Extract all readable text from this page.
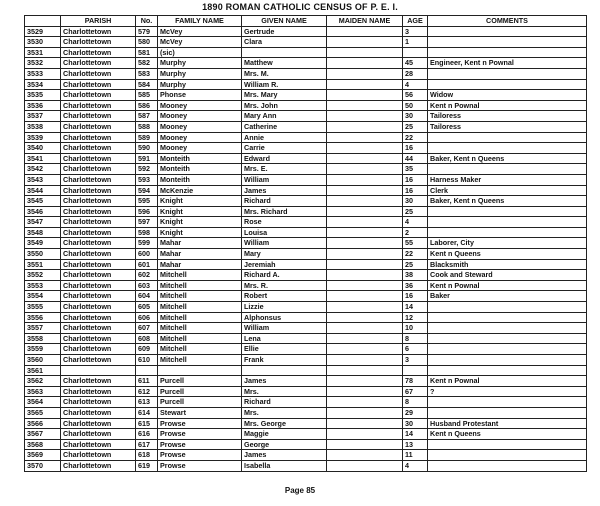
1890 ROMAN CATHOLIC CENSUS OF P. E. I.
	PARISH	No.	FAMILY NAME	GIVEN NAME	MAIDEN NAME	AGE	COMMENTS
3529	Charlottetown	579	McVey	Gertrude		3	
3530	Charlottetown	580	McVey	Clara		1	
3531	Charlottetown	581	(sic)				
3532	Charlottetown	582	Murphy	Matthew		45	Engineer, Kent n Pownal
3533	Charlottetown	583	Murphy	Mrs. M.		28	
3534	Charlottetown	584	Murphy	William R.		4	
3535	Charlottetown	585	Phonse	Mrs. Mary		56	Widow
3536	Charlottetown	586	Mooney	Mrs. John		50	Kent n Pownal
3537	Charlottetown	587	Mooney	Mary Ann		30	Tailoress
3538	Charlottetown	588	Mooney	Catherine		25	Tailoress
3539	Charlottetown	589	Mooney	Annie		22	
3540	Charlottetown	590	Mooney	Carrie		16	
3541	Charlottetown	591	Monteith	Edward		44	Baker, Kent n Queens
3542	Charlottetown	592	Monteith	Mrs. E.		35	
3543	Charlottetown	593	Monteith	William		16	Harness Maker
3544	Charlottetown	594	McKenzie	James		16	Clerk
3545	Charlottetown	595	Knight	Richard		30	Baker, Kent n Queens
3546	Charlottetown	596	Knight	Mrs. Richard		25	
3547	Charlottetown	597	Knight	Rose		4	
3548	Charlottetown	598	Knight	Louisa		2	
3549	Charlottetown	599	Mahar	William		55	Laborer, City
3550	Charlottetown	600	Mahar	Mary		22	Kent n Queens
3551	Charlottetown	601	Mahar	Jeremiah		25	Blacksmith
3552	Charlottetown	602	Mitchell	Richard A.		38	Cook and Steward
3553	Charlottetown	603	Mitchell	Mrs. R.		36	Kent n Pownal
3554	Charlottetown	604	Mitchell	Robert		16	Baker
3555	Charlottetown	605	Mitchell	Lizzie		14	
3556	Charlottetown	606	Mitchell	Alphonsus		12	
3557	Charlottetown	607	Mitchell	William		10	
3558	Charlottetown	608	Mitchell	Lena		8	
3559	Charlottetown	609	Mitchell	Ellie		6	
3560	Charlottetown	610	Mitchell	Frank		3	
3561							
3562	Charlottetown	611	Purcell	James		78	Kent n Pownal
3563	Charlottetown	612	Purcell	Mrs.		67	?
3564	Charlottetown	613	Purcell	Richard		8	
3565	Charlottetown	614	Stewart	Mrs.		29	
3566	Charlottetown	615	Prowse	Mrs. George		30	Husband Protestant
3567	Charlottetown	616	Prowse	Maggie		14	Kent n Queens
3568	Charlottetown	617	Prowse	George		13	
3569	Charlottetown	618	Prowse	James		11	
3570	Charlottetown	619	Prowse	Isabella		4	
Page 85
